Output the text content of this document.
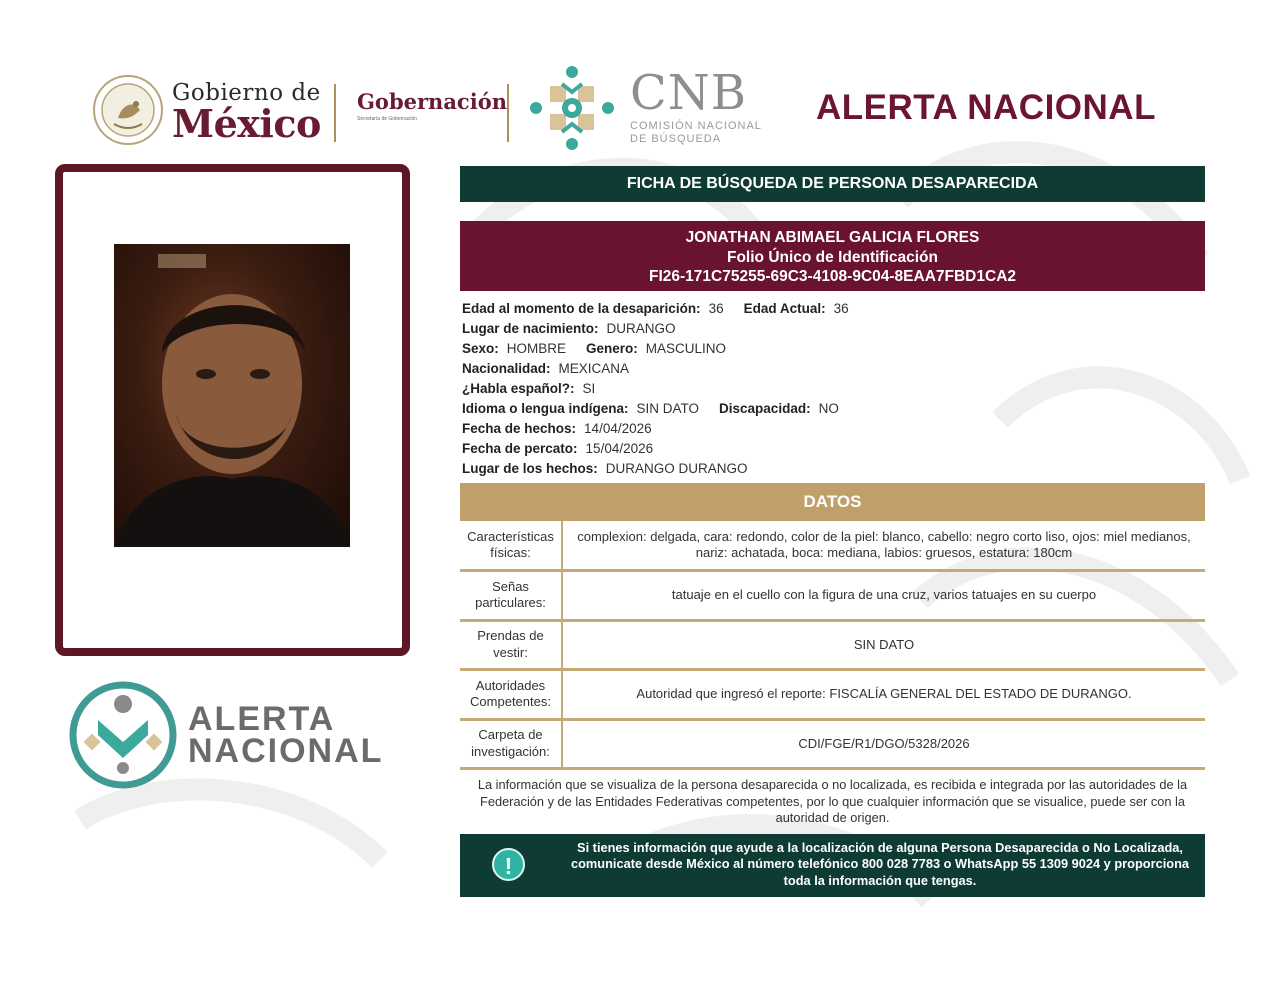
Gobierno de
México Gobernación
Secretaría de Gobernación	CNB
COMISIÓN NACIONAL
DE BÚSQUEDA
ALERTA NACIONAL
ALERTA
NACIONAL
FICHA DE BÚSQUEDA DE PERSONA DESAPARECIDA
JONATHAN ABIMAEL GALICIA FLORES
Folio Único de Identificación
FI26-171C75255-69C3-4108-9C04-8EAA7FBD1CA2
Edad al momento de la desaparición: 36 Edad Actual: 36
Lugar de nacimiento: DURANGO
Sexo: HOMBRE Genero: MASCULINO
Nacionalidad: MEXICANA
¿Habla español?: SI
Idioma o lengua indígena: SIN DATO Discapacidad: NO
Fecha de hechos: 14/04/2026
Fecha de percato: 15/04/2026
Lugar de los hechos: DURANGO DURANGO
DATOS
Características físicas:	complexion: delgada, cara: redondo, color de la piel: blanco, cabello: negro corto liso, ojos: miel medianos, nariz: achatada, boca: mediana, labios: gruesos, estatura: 180cm
Señas particulares:	tatuaje en el cuello con la figura de una cruz, varios tatuajes en su cuerpo
Prendas de vestir:	SIN DATO
Autoridades Competentes:	Autoridad que ingresó el reporte: FISCALÍA GENERAL DEL ESTADO DE DURANGO.
Carpeta de investigación:	CDI/FGE/R1/DGO/5328/2026
La información que se visualiza de la persona desaparecida o no localizada, es recibida e integrada por las autoridades de la Federación y de las Entidades Federativas competentes, por lo que cualquier información que se visualice, puede ser con la autoridad de origen.
!
Si tienes información que ayude a la localización de alguna Persona Desaparecida o No Localizada, comunicate desde México al número telefónico 800 028 7783 o WhatsApp 55 1309 9024 y proporciona toda la información que tengas.
